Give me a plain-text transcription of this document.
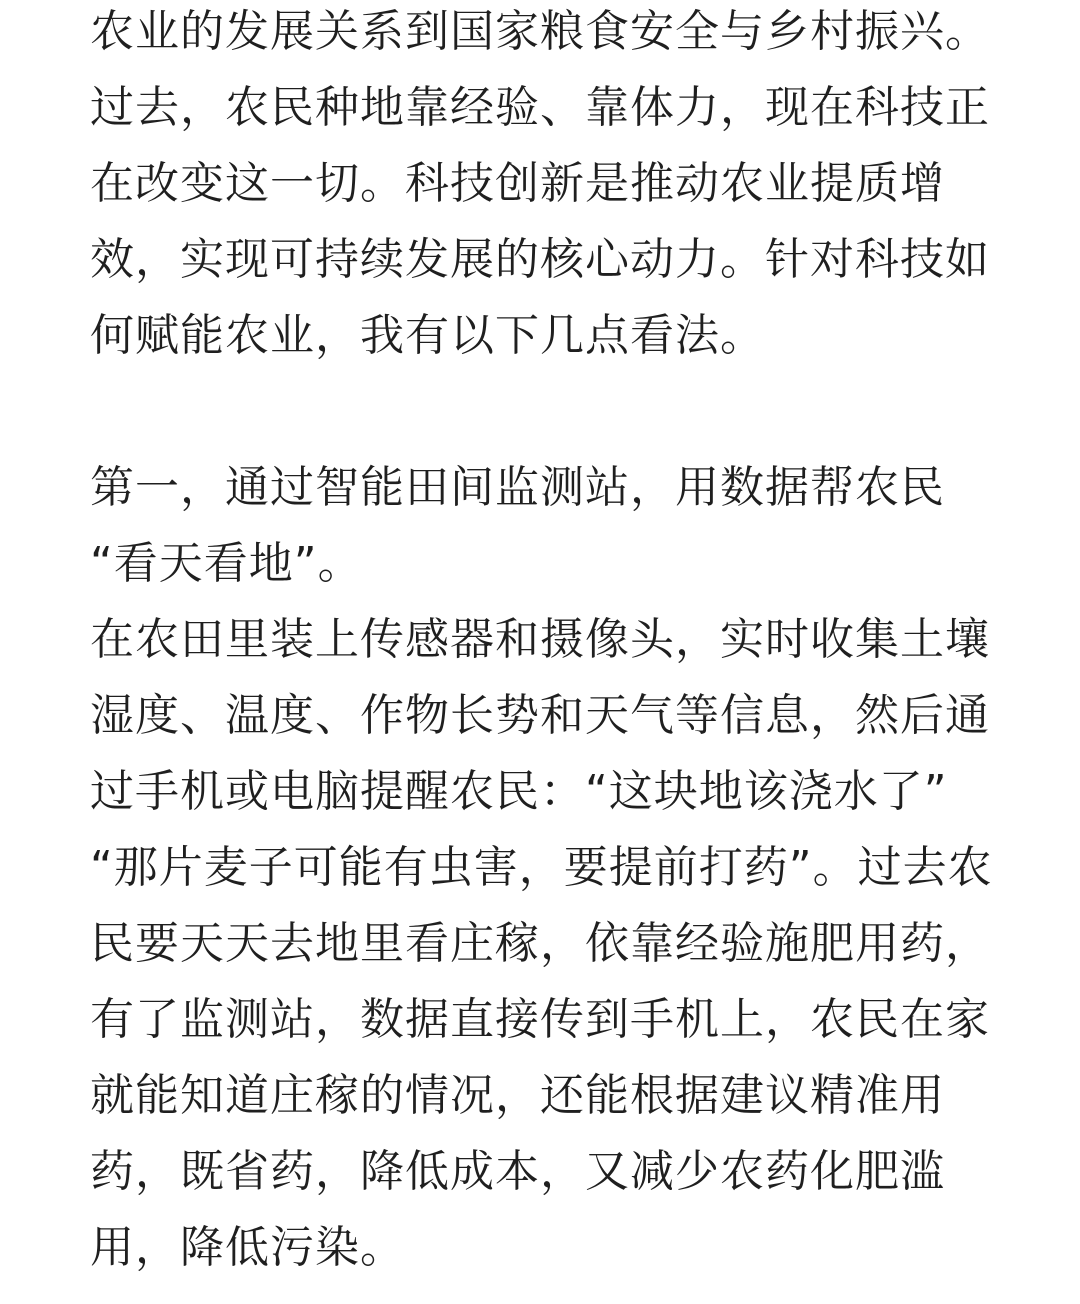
农业的发展关系到国家粮食安全与乡村振兴。
过去，农民种地靠经验、靠体力，现在科技正
在改变这一切。科技创新是推动农业提质增
效，实现可持续发展的核心动力。针对科技如
何赋能农业，我有以下几点看法。
第一，通过智能田间监测站，用数据帮农民
“看天看地”。
在农田里装上传感器和摄像头，实时收集土壤
湿度、温度、作物长势和天气等信息，然后通
过手机或电脑提醒农民：“这块地该浇水了”
“那片麦子可能有虫害，要提前打药”。过去农
民要天天去地里看庄稼，依靠经验施肥用药，
有了监测站，数据直接传到手机上，农民在家
就能知道庄稼的情况，还能根据建议精准用
药，既省药，降低成本，又减少农药化肥滥
用，降低污染。
